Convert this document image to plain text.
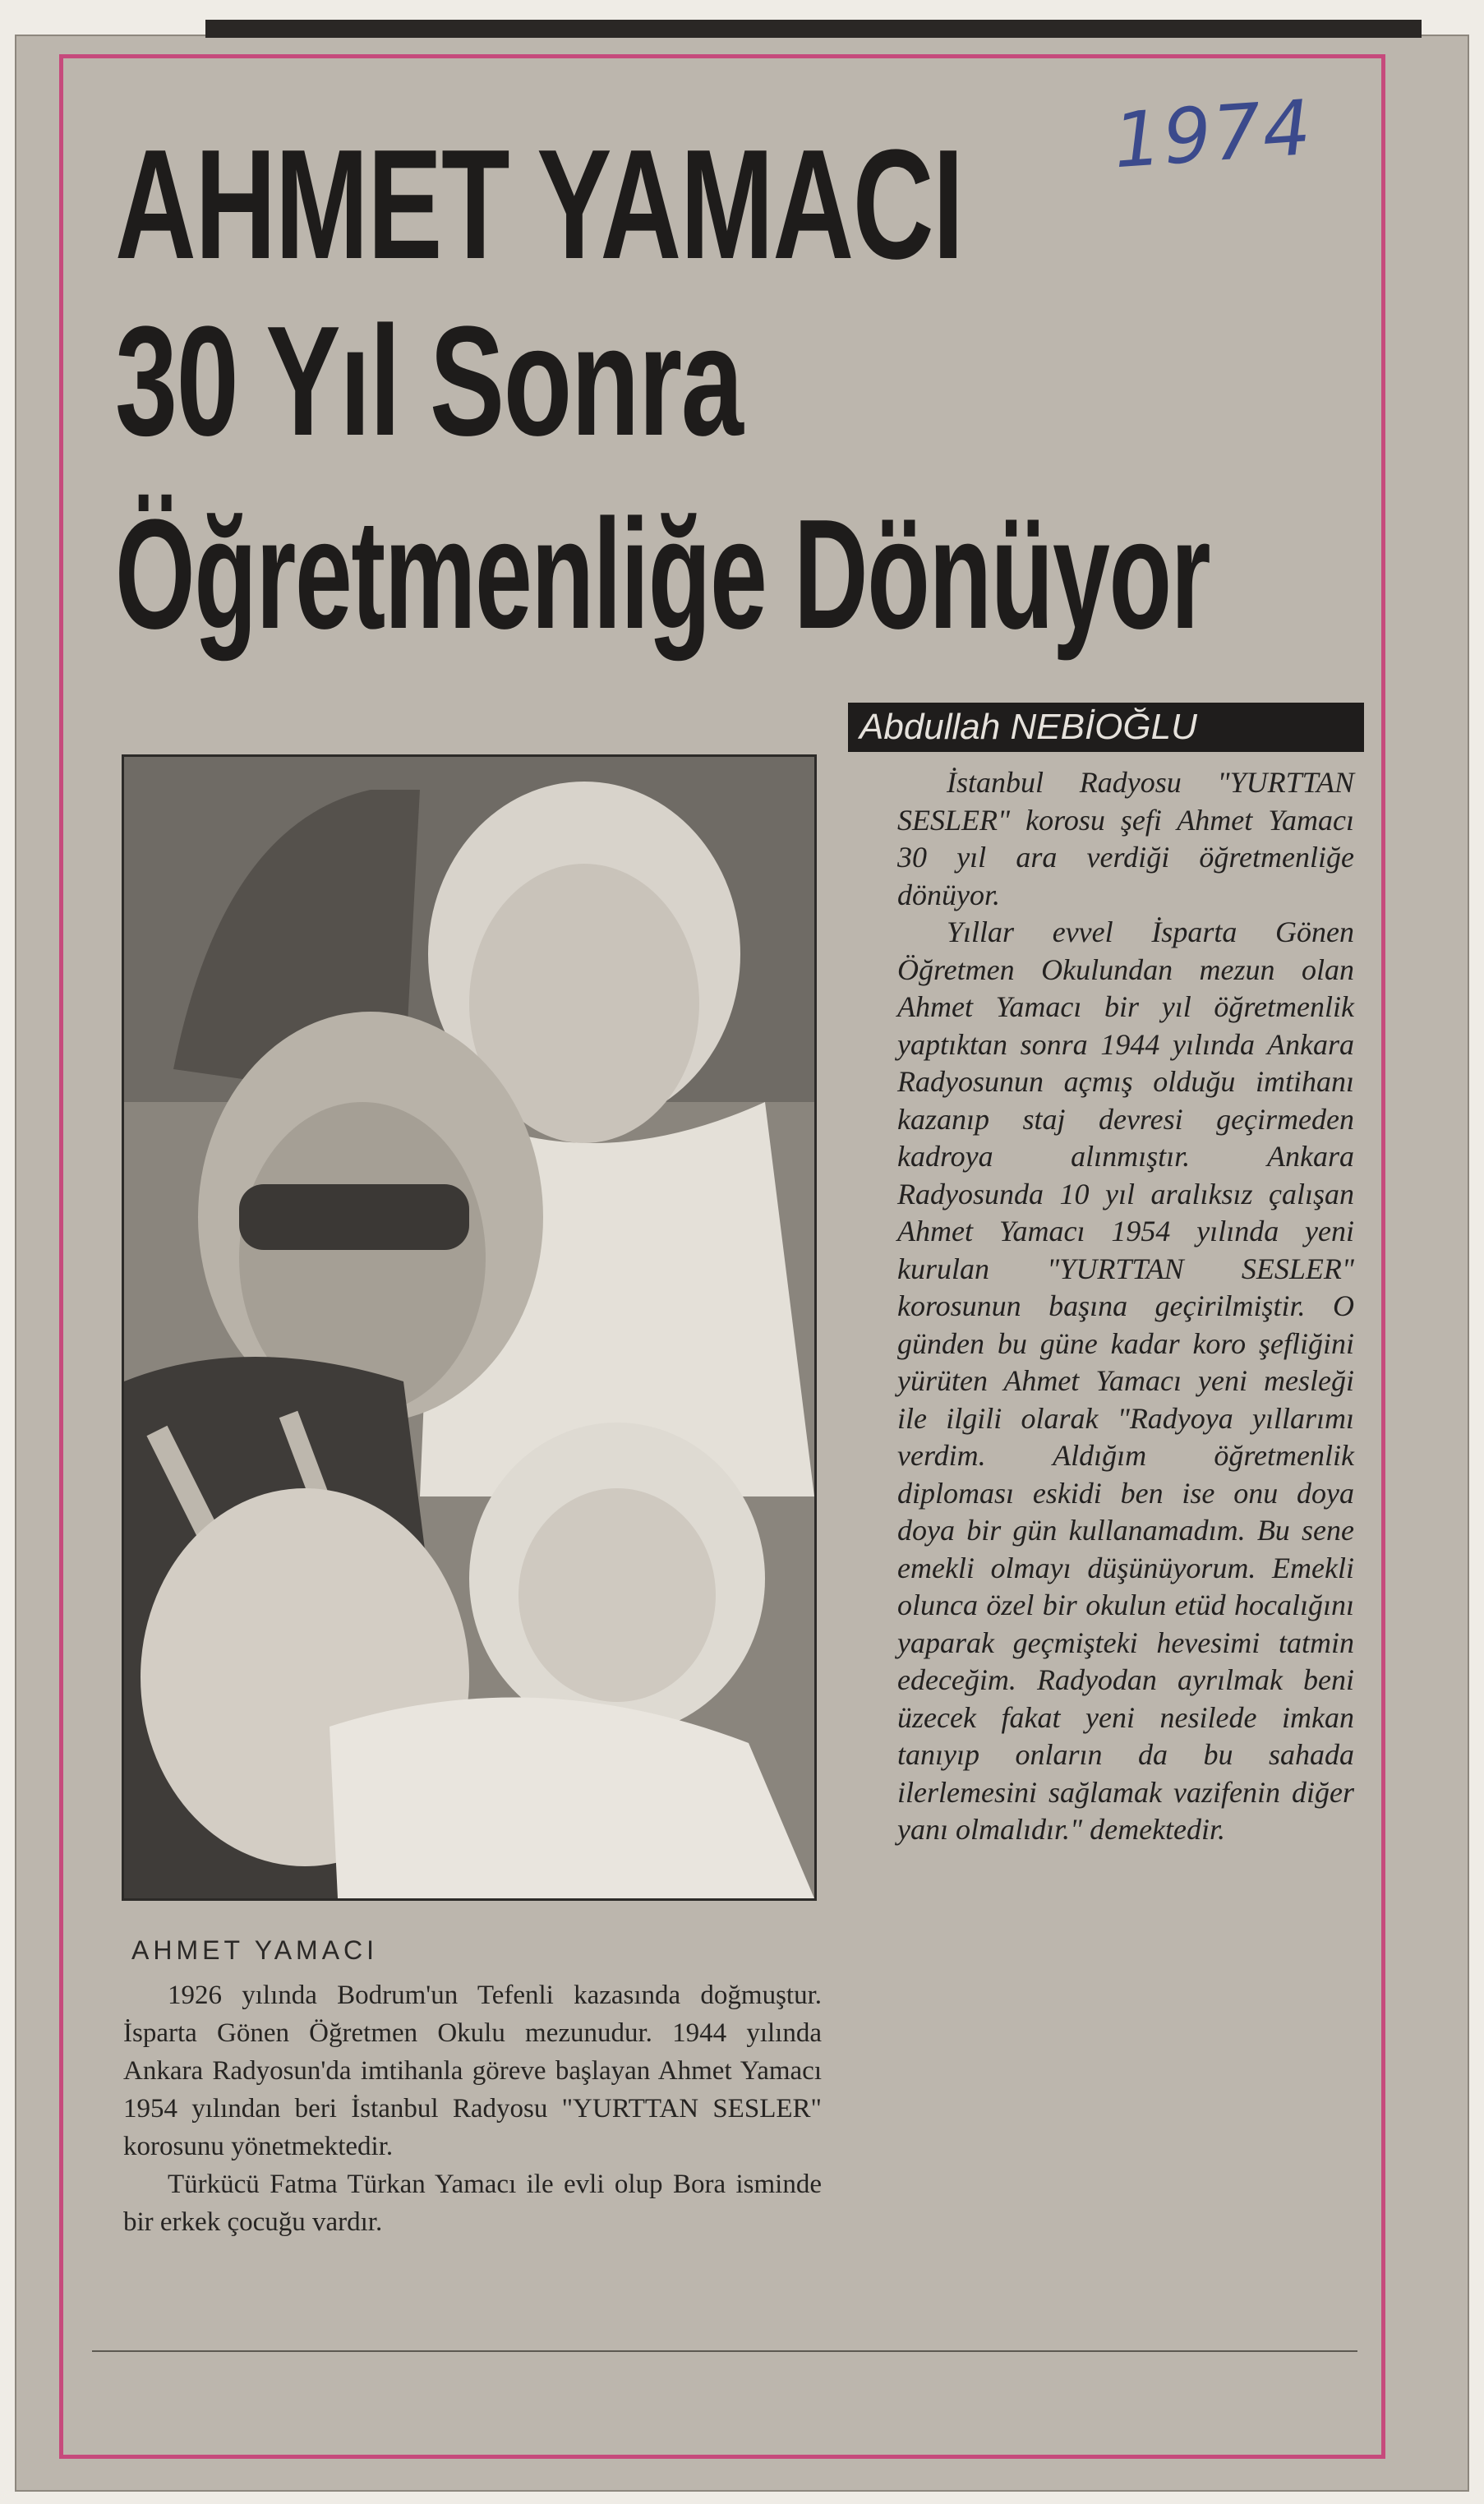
1974
AHMET YAMACI
30 Yıl Sonra
Öğretmenliğe Dönüyor
Abdullah NEBİOĞLU
AHMET YAMACI

1926 yılında Bodrum'un Tefenli kazasında doğmuştur. İsparta Gönen Öğretmen Okulu mezunudur. 1944 yılında Ankara Radyosun'da imtihanla göreve başlayan Ahmet Yamacı 1954 yılından beri İstanbul Radyosu "YURTTAN SESLER" korosunu yönetmektedir.

Türkücü Fatma Türkan Yamacı ile evli olup Bora isminde bir erkek çocuğu vardır.

İstanbul Radyosu "YURTTAN SESLER" korosu şefi Ahmet Yamacı 30 yıl ara verdiği öğretmenliğe dönüyor.

Yıllar evvel İsparta Gönen Öğretmen Okulundan mezun olan Ahmet Yamacı bir yıl öğretmenlik yaptıktan sonra 1944 yılında Ankara Radyosunun açmış olduğu imtihanı kazanıp staj devresi geçirmeden kadroya alınmıştır. Ankara Radyosunda 10 yıl aralıksız çalışan Ahmet Yamacı 1954 yılında yeni kurulan "YURTTAN SESLER" korosunun başına geçirilmiştir. O günden bu güne kadar koro şefliğini yürüten Ahmet Yamacı yeni mesleği ile ilgili olarak "Radyoya yıllarımı verdim. Aldığım öğretmenlik diploması eskidi ben ise onu doya doya bir gün kullanamadım. Bu sene emekli olmayı düşünüyorum. Emekli olunca özel bir okulun etüd hocalığını yaparak geçmişteki hevesimi tatmin edeceğim. Radyodan ayrılmak beni üzecek fakat yeni nesilede imkan tanıyıp onların da bu sahada ilerlemesini sağlamak vazifenin diğer yanı olmalıdır." demektedir.
